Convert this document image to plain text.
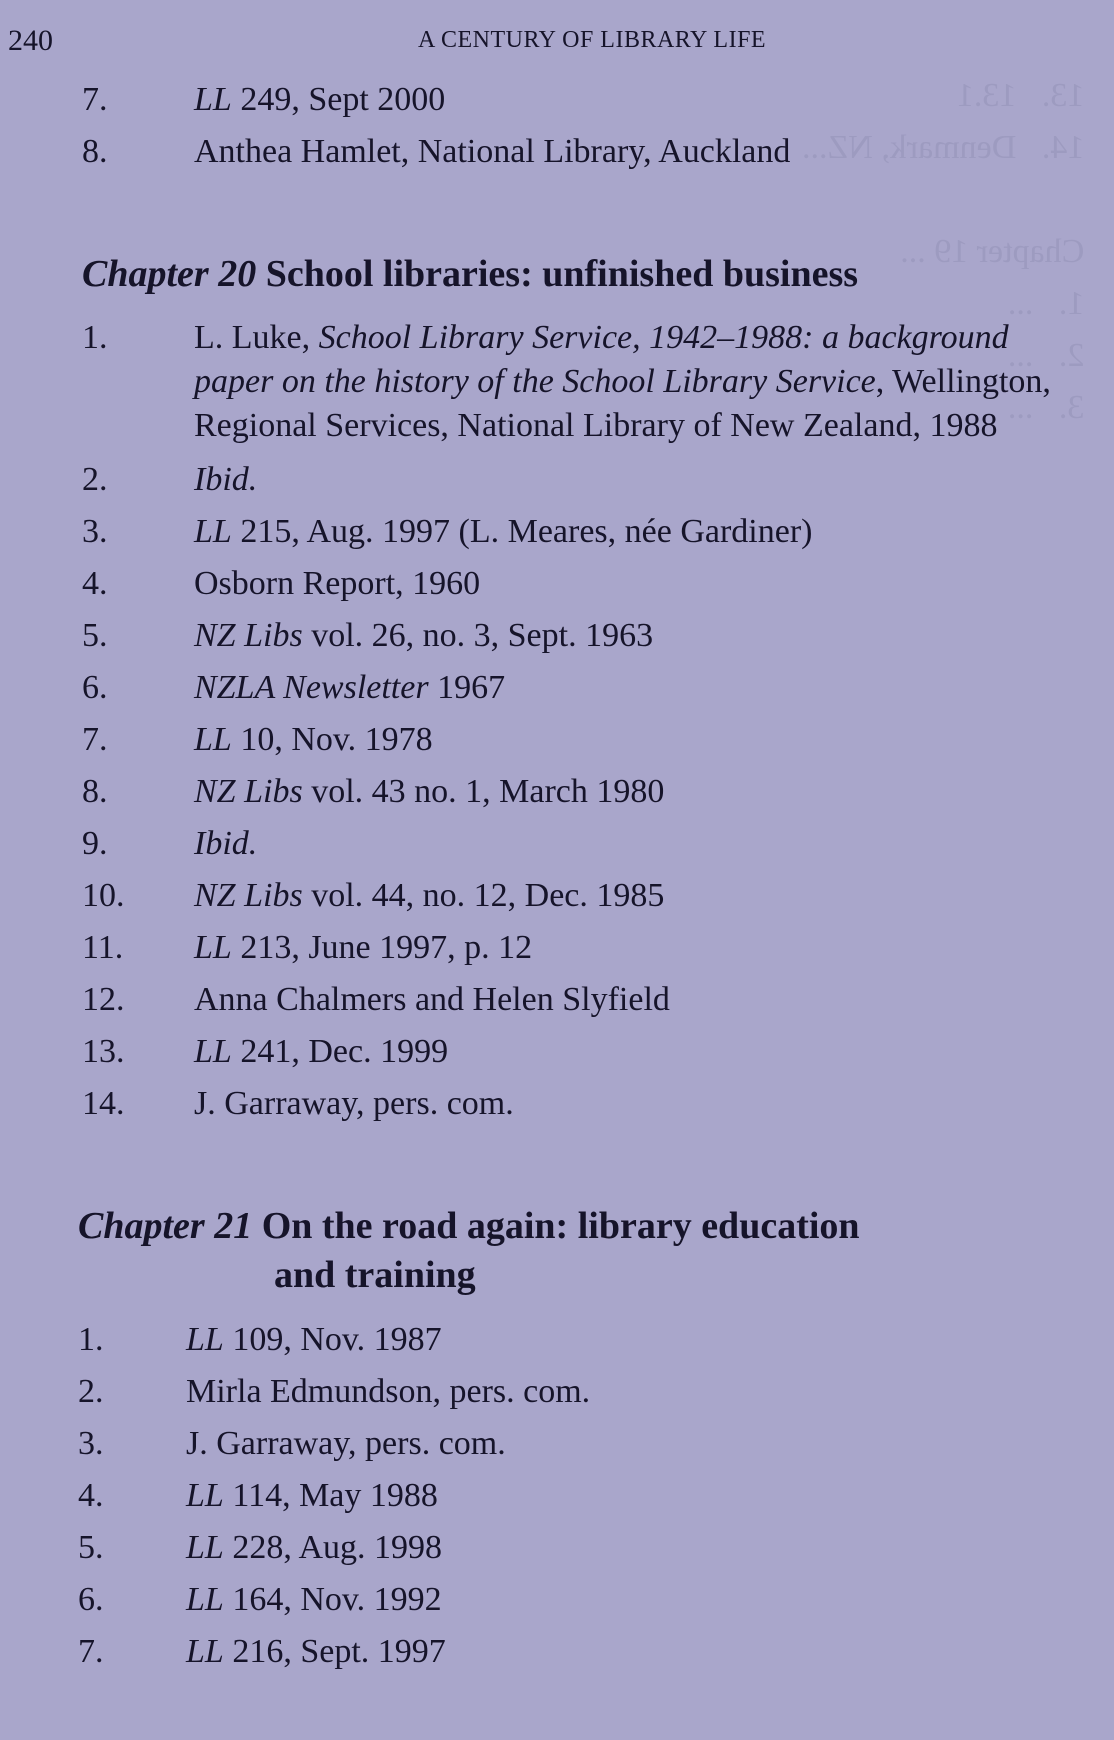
13.   13.1
14.   Denmark, NZ...

Chapter 19 ...
1.   ...
2.   ...
3.   ...
240	A CENTURY OF LIBRARY LIFE
7.	LL 249, Sept 2000
8.	Anthea Hamlet, National Library, Auckland
Chapter 20 School libraries: unfinished business
1.	L. Luke, School Library Service, 1942–1988: a background paper on the history of the School Library Service, Wellington, Regional Services, National Library of New Zealand, 1988
2.	Ibid.
3.	LL 215, Aug. 1997 (L. Meares, née Gardiner)
4.	Osborn Report, 1960
5.	NZ Libs vol. 26, no. 3, Sept. 1963
6.	NZLA Newsletter 1967
7.	LL 10, Nov. 1978
8.	NZ Libs vol. 43 no. 1, March 1980
9.	Ibid.
10. NZ Libs vol. 44, no. 12, Dec. 1985
11. LL 213, June 1997, p. 12
12. Anna Chalmers and Helen Slyfield
13. LL 241, Dec. 1999
14. J. Garraway, pers. com.
Chapter 21 On the road again: library education
and training
1. LL 109, Nov. 1987
2. Mirla Edmundson, pers. com.
3. J. Garraway, pers. com.
4. LL 114, May 1988
5. LL 228, Aug. 1998
6. LL 164, Nov. 1992
7. LL 216, Sept. 1997
